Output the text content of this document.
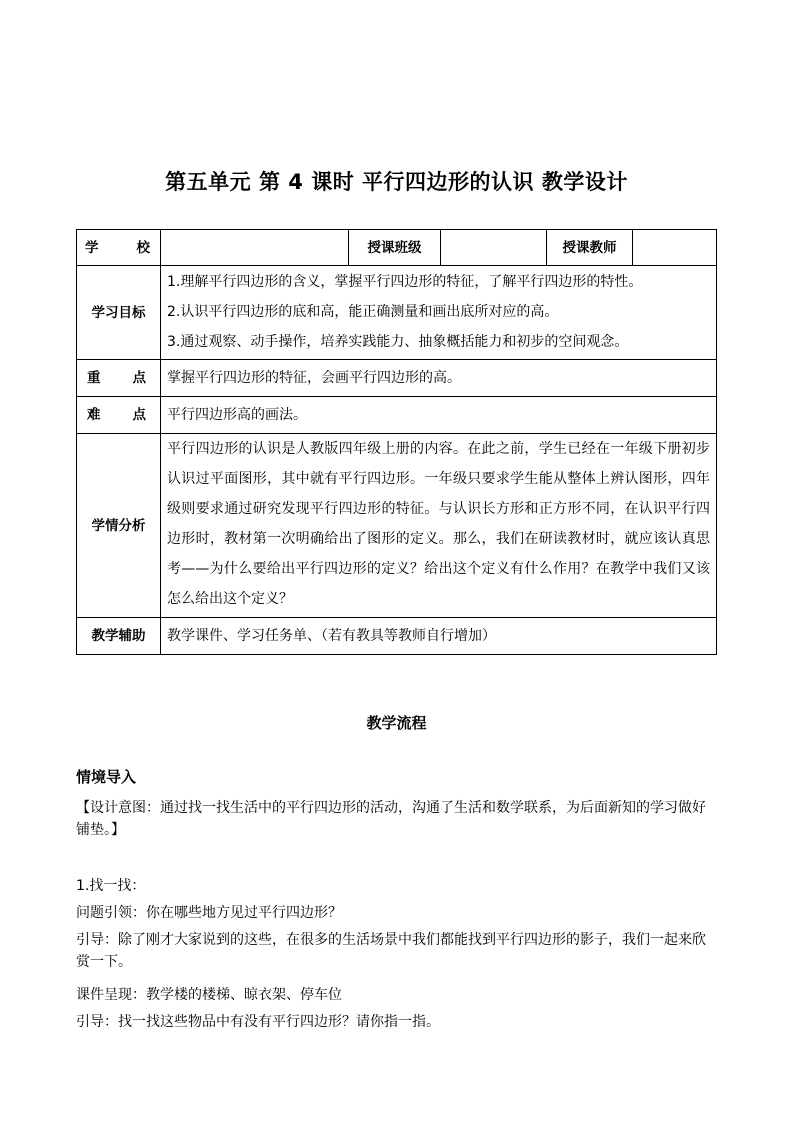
第五单元 第 4 课时 平行四边形的认识 教学设计
学 校		授课班级		授课教师	
学习目标	1.理解平行四边形的含义，掌握平行四边形的特征，了解平行四边形的特性。
2.认识平行四边形的底和高，能正确测量和画出底所对应的高。
3.通过观察、动手操作，培养实践能力、抽象概括能力和初步的空间观念。				

重 点	掌握平行四边形的特征，会画平行四边形的高。				

难 点	平行四边形高的画法。				
学情分析	平行四边形的认识是人教版四年级上册的内容。在此之前，学生已经在一年级下册初步认识过平面图形，其中就有平行四边形。一年级只要求学生能从整体上辨认图形，四年级则要求通过研究发现平行四边形的特征。与认识长方形和正方形不同，在认识平行四边形时，教材第一次明确给出了图形的定义。那么，我们在研读教材时，就应该认真思考——为什么要给出平行四边形的定义？给出这个定义有什么作用？在教学中我们又该怎么给出这个定义？				
教学辅助	教学课件、学习任务单、（若有教具等教师自行增加）				
教学流程
情境导入
【设计意图：通过找一找生活中的平行四边形的活动，沟通了生活和数学联系，为后面新知的学习做好铺垫。】
1.找一找：
问题引领：你在哪些地方见过平行四边形？
引导：除了刚才大家说到的这些，在很多的生活场景中我们都能找到平行四边形的影子，我们一起来欣赏一下。
课件呈现：教学楼的楼梯、晾衣架、停车位
引导：找一找这些物品中有没有平行四边形？请你指一指。
